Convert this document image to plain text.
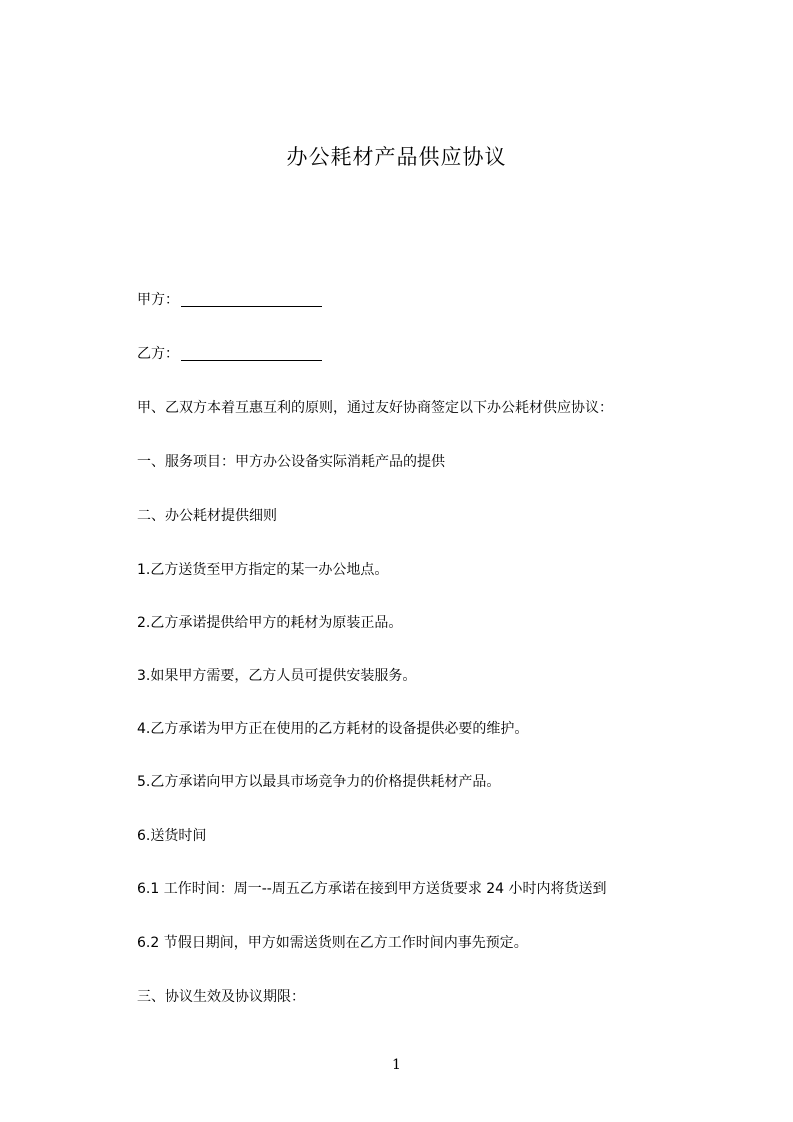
办公耗材产品供应协议
甲方：
乙方：
甲、乙双方本着互惠互利的原则，通过友好协商签定以下办公耗材供应协议：
一、服务项目：甲方办公设备实际消耗产品的提供
二、办公耗材提供细则
1.乙方送货至甲方指定的某一办公地点。
2.乙方承诺提供给甲方的耗材为原装正品。
3.如果甲方需要，乙方人员可提供安装服务。
4.乙方承诺为甲方正在使用的乙方耗材的设备提供必要的维护。
5.乙方承诺向甲方以最具市场竞争力的价格提供耗材产品。
6.送货时间
6.1 工作时间：周一--周五乙方承诺在接到甲方送货要求 24 小时内将货送到
6.2 节假日期间，甲方如需送货则在乙方工作时间内事先预定。
三、协议生效及协议期限：
1
